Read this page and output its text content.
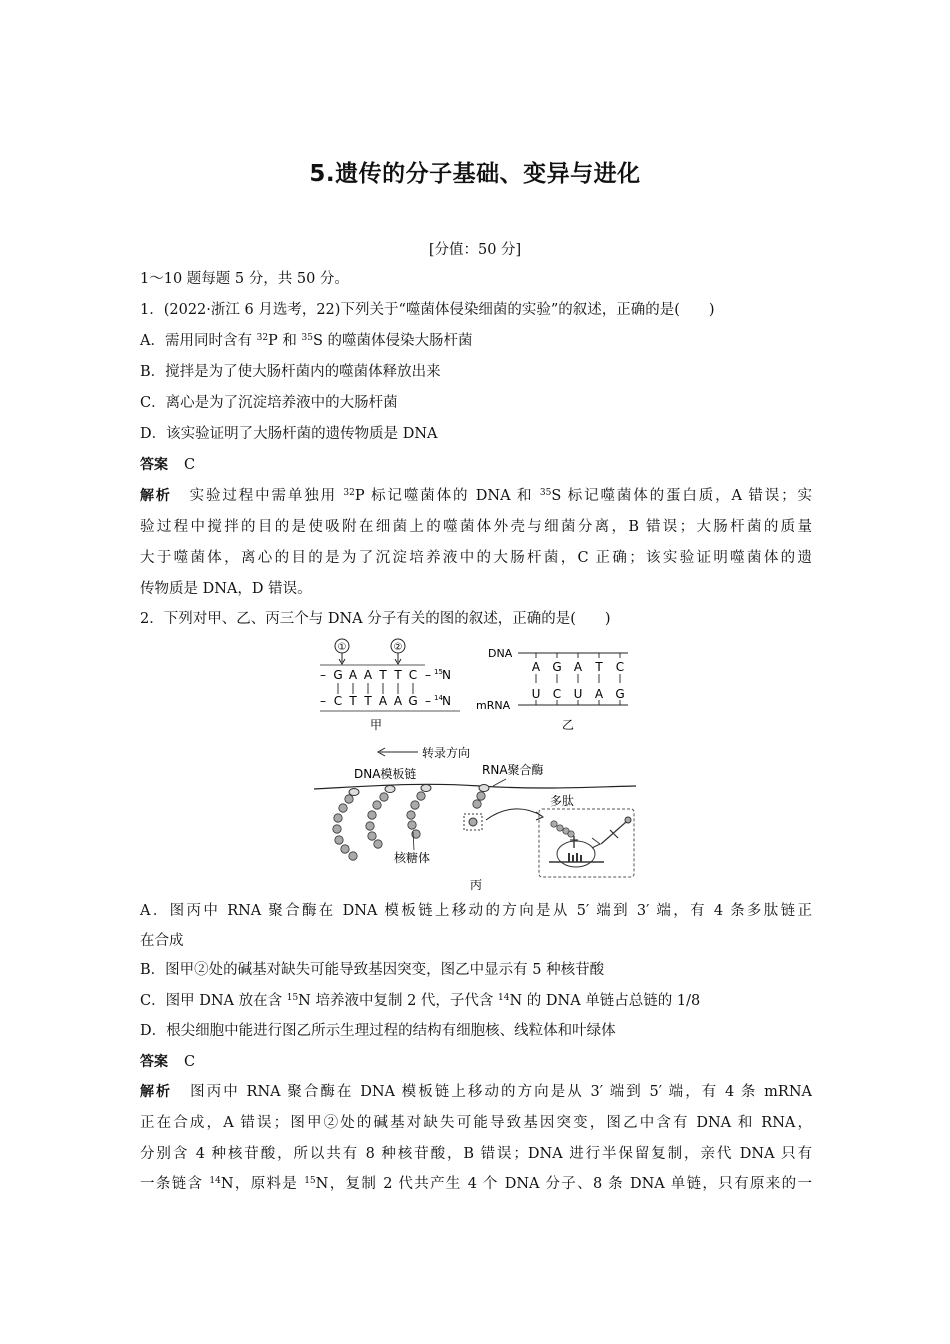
5.遗传的分子基础、变异与进化
[分值：50 分]
1～10 题每题 5 分，共 50 分。
1．(2022·浙江 6 月选考，22)下列关于“噬菌体侵染细菌的实验”的叙述，正确的是(　　)
A．需用同时含有 $^{32}$P 和 $^{35}$S 的噬菌体侵染大肠杆菌
B．搅拌是为了使大肠杆菌内的噬菌体释放出来
C．离心是为了沉淀培养液中的大肠杆菌
D．该实验证明了大肠杆菌的遗传物质是 DNA
答案 C
解析 实验过程中需单独用 $^{32}$P 标记噬菌体的 DNA 和 $^{35}$S 标记噬菌体的蛋白质，A 错误；实
验过程中搅拌的目的是使吸附在细菌上的噬菌体外壳与细菌分离，B 错误；大肠杆菌的质量
大于噬菌体，离心的目的是为了沉淀培养液中的大肠杆菌，C 正确；该实验证明噬菌体的遗
传物质是 DNA，D 错误。
2．下列对甲、乙、丙三个与 DNA 分子有关的图的叙述，正确的是(　　)
①	②
– G A A T T C – 15 N
– C T T A A G – 14 N
甲
DNA
A G A T C
U C U A G
mRNA
乙
转录方向
DNA模板链	RNA聚合酶
核糖体
多肽
丙
A．图丙中 RNA 聚合酶在 DNA 模板链上移动的方向是从 5′ 端到 3′ 端，有 4 条多肽链正
在合成
B．图甲②处的碱基对缺失可能导致基因突变，图乙中显示有 5 种核苷酸
C．图甲 DNA 放在含 $^{15}$N 培养液中复制 2 代，子代含 $^{14}$N 的 DNA 单链占总链的 1/8
D．根尖细胞中能进行图乙所示生理过程的结构有细胞核、线粒体和叶绿体
答案 C
解析 图丙中 RNA 聚合酶在 DNA 模板链上移动的方向是从 3′ 端到 5′ 端，有 4 条 mRNA
正在合成，A 错误；图甲②处的碱基对缺失可能导致基因突变，图乙中含有 DNA 和 RNA，
分别含 4 种核苷酸，所以共有 8 种核苷酸，B 错误；DNA 进行半保留复制，亲代 DNA 只有
一条链含 $^{14}$N，原料是 $^{15}$N，复制 2 代共产生 4 个 DNA 分子、8 条 DNA 单链，只有原来的一
